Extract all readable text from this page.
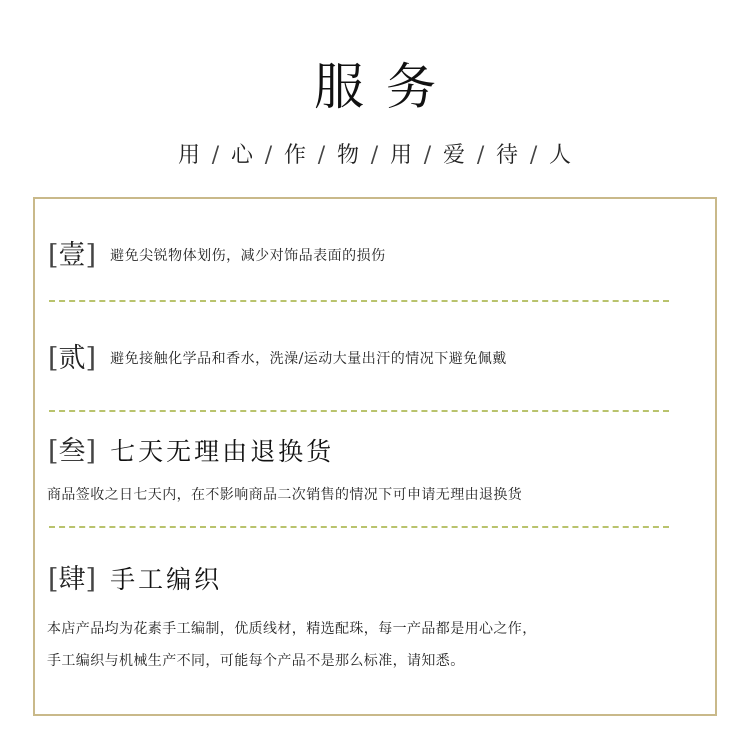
服务
用 / 心 / 作 / 物 / 用 / 爱 / 待 / 人
[壹] 避免尖锐物体划伤，减少对饰品表面的损伤
[贰] 避免接触化学品和香水，洗澡/运动大量出汗的情况下避免佩戴
[叁] 七天无理由退换货
商品签收之日七天内，在不影响商品二次销售的情况下可申请无理由退换货
[肆] 手工编织
本店产品均为花素手工编制，优质线材，精选配珠，每一产品都是用心之作，
手工编织与机械生产不同，可能每个产品不是那么标准，请知悉。
